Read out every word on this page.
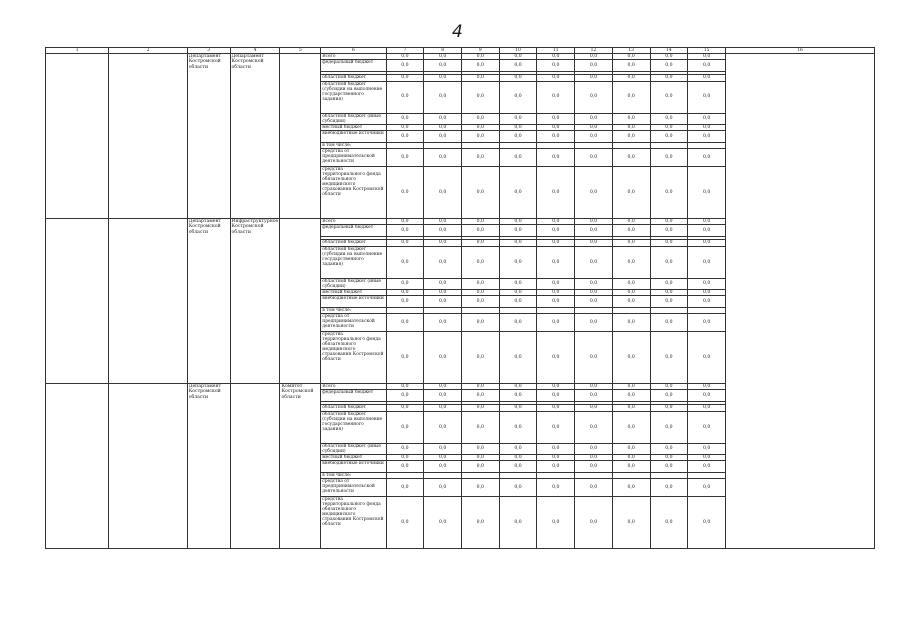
4
1	2	3	4	5	6	7	8	9	10	11	12	13	14	15	16
		Департамент Костромской области	Департамент Костромской области		Всего	0,0	0,0	0,0	0,0	0,0	0,0	0,0	0,0	0,0	
					федеральный бюджет	0,0	0,0	0,0	0,0	0,0	0,0	0,0	0,0	0,0	

					областной бюджет	0,0	0,0	0,0	0,0	0,0	0,0	0,0	0,0	0,0	
					областной бюджет (субсидии на выполнение государственного задания)	0,0	0,0	0,0	0,0	0,0	0,0	0,0	0,0	0,0	
					областной бюджет (иные субсидии)	0,0	0,0	0,0	0,0	0,0	0,0	0,0	0,0	0,0	
					местный бюджет	0,0	0,0	0,0	0,0	0,0	0,0	0,0	0,0	0,0	
					внебюджетные источники	0,0	0,0	0,0	0,0	0,0	0,0	0,0	0,0	0,0	
					в том числе:										
					средства от предпринимательской деятельности	0,0	0,0	0,0	0,0	0,0	0,0	0,0	0,0	0,0	
					средства территориального фонда обязательного медицинского страхования Костромской области	0,0	0,0	0,0	0,0	0,0	0,0	0,0	0,0	0,0	
		Департамент Костромской области	Инфраструктурное Костромской области		Всего	0,0	0,0	0,0	0,0	0,0	0,0	0,0	0,0	0,0	
					федеральный бюджет	0,0	0,0	0,0	0,0	0,0	0,0	0,0	0,0	0,0	

					областной бюджет	0,0	0,0	0,0	0,0	0,0	0,0	0,0	0,0	0,0	
					областной бюджет (субсидии на выполнение государственного задания)	0,0	0,0	0,0	0,0	0,0	0,0	0,0	0,0	0,0	
					областной бюджет (иные субсидии)	0,0	0,0	0,0	0,0	0,0	0,0	0,0	0,0	0,0	
					местный бюджет	0,0	0,0	0,0	0,0	0,0	0,0	0,0	0,0	0,0	
					внебюджетные источники	0,0	0,0	0,0	0,0	0,0	0,0	0,0	0,0	0,0	
					в том числе:										
					средства от предпринимательской деятельности	0,0	0,0	0,0	0,0	0,0	0,0	0,0	0,0	0,0	
					средства территориального фонда обязательного медицинского страхования Костромской области	0,0	0,0	0,0	0,0	0,0	0,0	0,0	0,0	0,0	
		Департамент Костромской области		Комитет Костромской области	Всего	0,0	0,0	0,0	0,0	0,0	0,0	0,0	0,0	0,0	
					федеральный бюджет	0,0	0,0	0,0	0,0	0,0	0,0	0,0	0,0	0,0	

					областной бюджет	0,0	0,0	0,0	0,0	0,0	0,0	0,0	0,0	0,0	
					областной бюджет (субсидии на выполнение государственного задания)	0,0	0,0	0,0	0,0	0,0	0,0	0,0	0,0	0,0	
					областной бюджет (иные субсидии)	0,0	0,0	0,0	0,0	0,0	0,0	0,0	0,0	0,0	
					местный бюджет	0,0	0,0	0,0	0,0	0,0	0,0	0,0	0,0	0,0	
					внебюджетные источники	0,0	0,0	0,0	0,0	0,0	0,0	0,0	0,0	0,0	
					в том числе:										
					средства от предпринимательской деятельности	0,0	0,0	0,0	0,0	0,0	0,0	0,0	0,0	0,0	
					средства территориального фонда обязательного медицинского страхования Костромской области	0,0	0,0	0,0	0,0	0,0	0,0	0,0	0,0	0,0	
